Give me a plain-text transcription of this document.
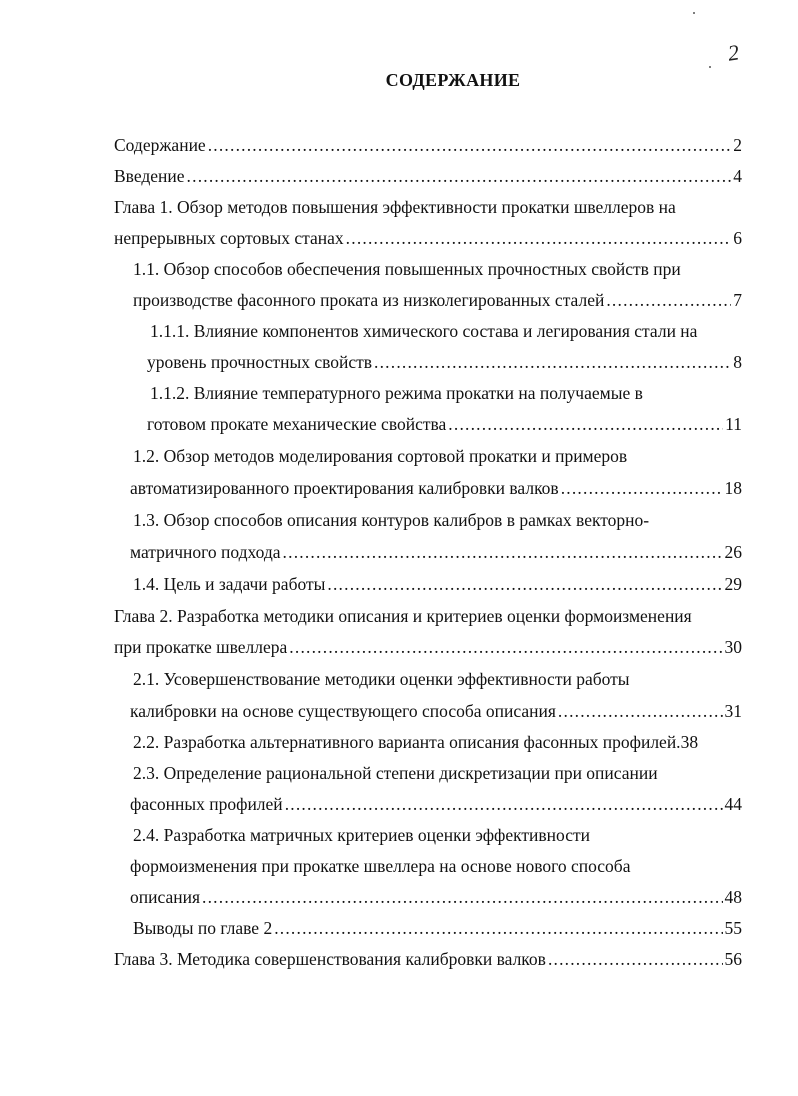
2
СОДЕРЖАНИЕ
Содержание .....	2
Введение .....	4
Глава 1. Обзор методов повышения эффективности прокатки швеллеров на
непрерывных сортовых станах .....	6
1.1. Обзор способов обеспечения повышенных прочностных свойств при
производстве фасонного проката из низколегированных сталей .....	7
1.1.1. Влияние компонентов химического состава и легирования стали на
уровень прочностных свойств .....	8
1.1.2. Влияние температурного режима прокатки на получаемые в
готовом прокате механические свойства .....	11
1.2. Обзор методов моделирования сортовой прокатки и примеров
автоматизированного проектирования калибровки валков .....	18
1.3. Обзор способов описания контуров калибров в рамках векторно-
матричного подхода .....	26
1.4. Цель и задачи работы .....	29
Глава 2. Разработка методики описания и критериев оценки формоизменения
при прокатке швеллера .....	30
2.1. Усовершенствование методики оценки эффективности работы
калибровки на основе существующего способа описания .....	31
2.2. Разработка альтернативного варианта описания фасонных профилей.38
2.3. Определение рациональной степени дискретизации при описании
фасонных профилей .....	44
2.4. Разработка матричных критериев оценки эффективности
формоизменения при прокатке швеллера на основе нового способа
описания .....	48
Выводы по главе 2 .....	55
Глава 3. Методика совершенствования калибровки валков .....	56
